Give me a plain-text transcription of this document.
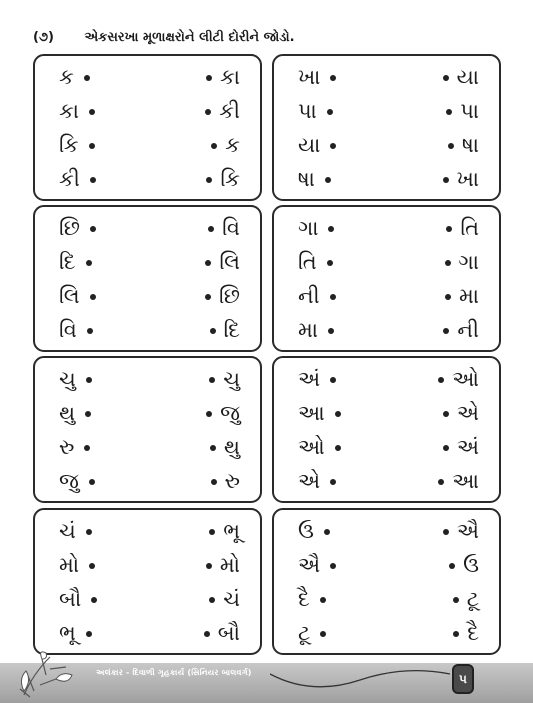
(૭) એકસરખા મૂળાક્ષરોને લીટી દોરીને જોડો.
ક	કા
કા	કી
કિ	ક
કી	કિ
ખા	યા
પા	પા
યા	ષા
ષા	ખા
છિ	વિ
દિ	લિ
લિ	છિ
વિ	દિ
ગા	તિ
તિ	ગા
ની	મા
મા	ની
ચુ	ચુ
થુ	જુ
રુ	થુ
જુ	રુ
અં	ઓ
આ	એ
ઓ	અં
એ	આ
ચં	ભૂ
મો	મો
બૌ	ચં
ભૂ	બૌ
ઉ	ઐ
ઐ	ઉ
દૈ	ટૂ
ટૂ	દૈ
અલંકાર - દિવાળી ગૃહકાર્ય (સિનિયર બાલવર્ગ)	૫
